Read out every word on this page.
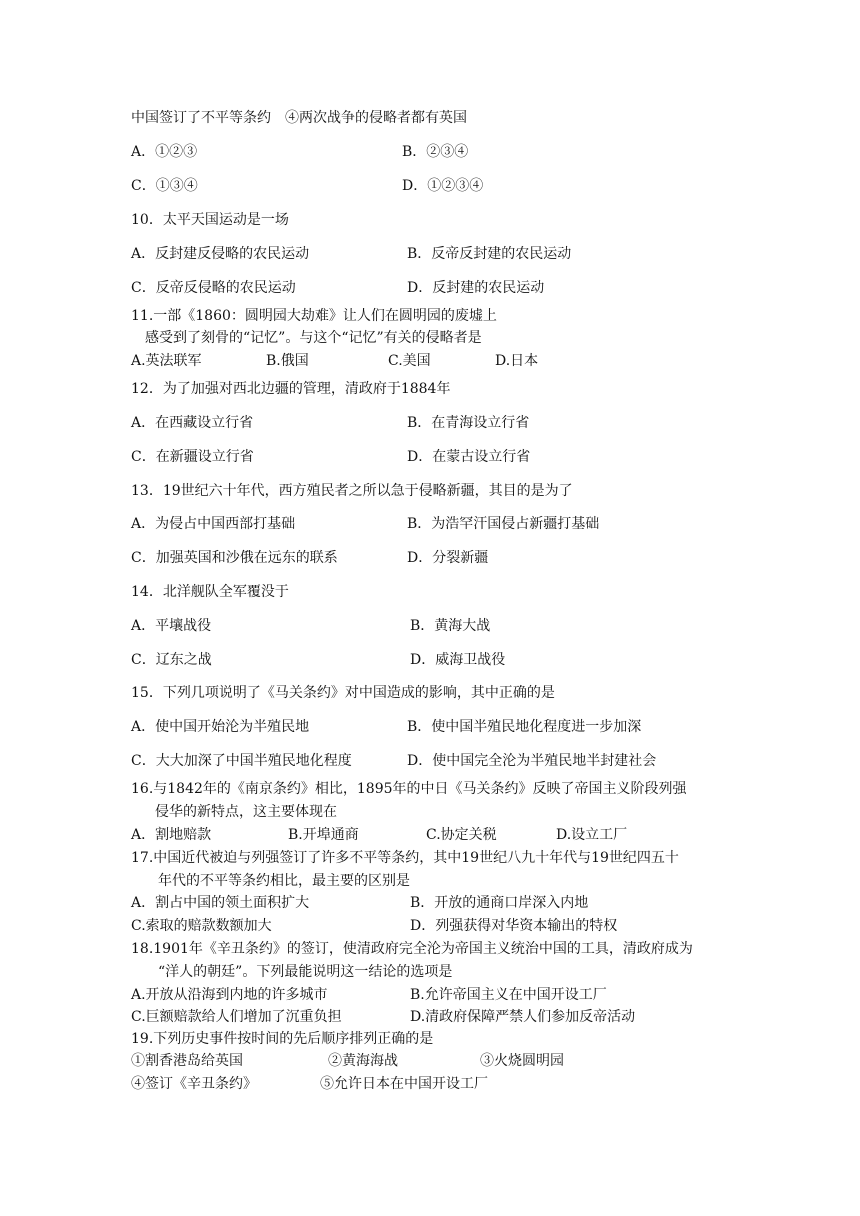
中国签订了不平等条约　④两次战争的侵略者都有英国
A．①②③	B．②③④
C．①③④	D．①②③④
10．太平天国运动是一场
A．反封建反侵略的农民运动	B．反帝反封建的农民运动
C．反帝反侵略的农民运动	D．反封建的农民运动
11.一部《1860：圆明园大劫难》让人们在圆明园的废墟上
感受到了刻骨的“记忆”。与这个“记忆”有关的侵略者是
A.英法联军	B.俄国	C.美国	D.日本
12．为了加强对西北边疆的管理，清政府于1884年
A．在西藏设立行省	B．在青海设立行省
C．在新疆设立行省	D．在蒙古设立行省
13．19世纪六十年代，西方殖民者之所以急于侵略新疆，其目的是为了
A．为侵占中国西部打基础	B．为浩罕汗国侵占新疆打基础
C．加强英国和沙俄在远东的联系	D．分裂新疆
14．北洋舰队全军覆没于
A．平壤战役	B．黄海大战
C．辽东之战	D．威海卫战役
15．下列几项说明了《马关条约》对中国造成的影响，其中正确的是
A．使中国开始沦为半殖民地	B．使中国半殖民地化程度进一步加深
C．大大加深了中国半殖民地化程度	D．使中国完全沦为半殖民地半封建社会
16.与1842年的《南京条约》相比，1895年的中日《马关条约》反映了帝国主义阶段列强
侵华的新特点，这主要体现在
A．割地赔款	B.开埠通商	C.协定关税	D.设立工厂
17.中国近代被迫与列强签订了许多不平等条约，其中19世纪八九十年代与19世纪四五十
年代的不平等条约相比，最主要的区别是
A．割占中国的领土面积扩大	B．开放的通商口岸深入内地
C.索取的赔款数额加大	D．列强获得对华资本输出的特权
18.1901年《辛丑条约》的签订，使清政府完全沦为帝国主义统治中国的工具，清政府成为
“洋人的朝廷”。下列最能说明这一结论的选项是
A.开放从沿海到内地的许多城市	B.允许帝国主义在中国开设工厂
C.巨额赔款给人们增加了沉重负担	D.清政府保障严禁人们参加反帝活动
19.下列历史事件按时间的先后顺序排列正确的是
①割香港岛给英国	②黄海海战	③火烧圆明园
④签订《辛丑条约》	⑤允许日本在中国开设工厂
